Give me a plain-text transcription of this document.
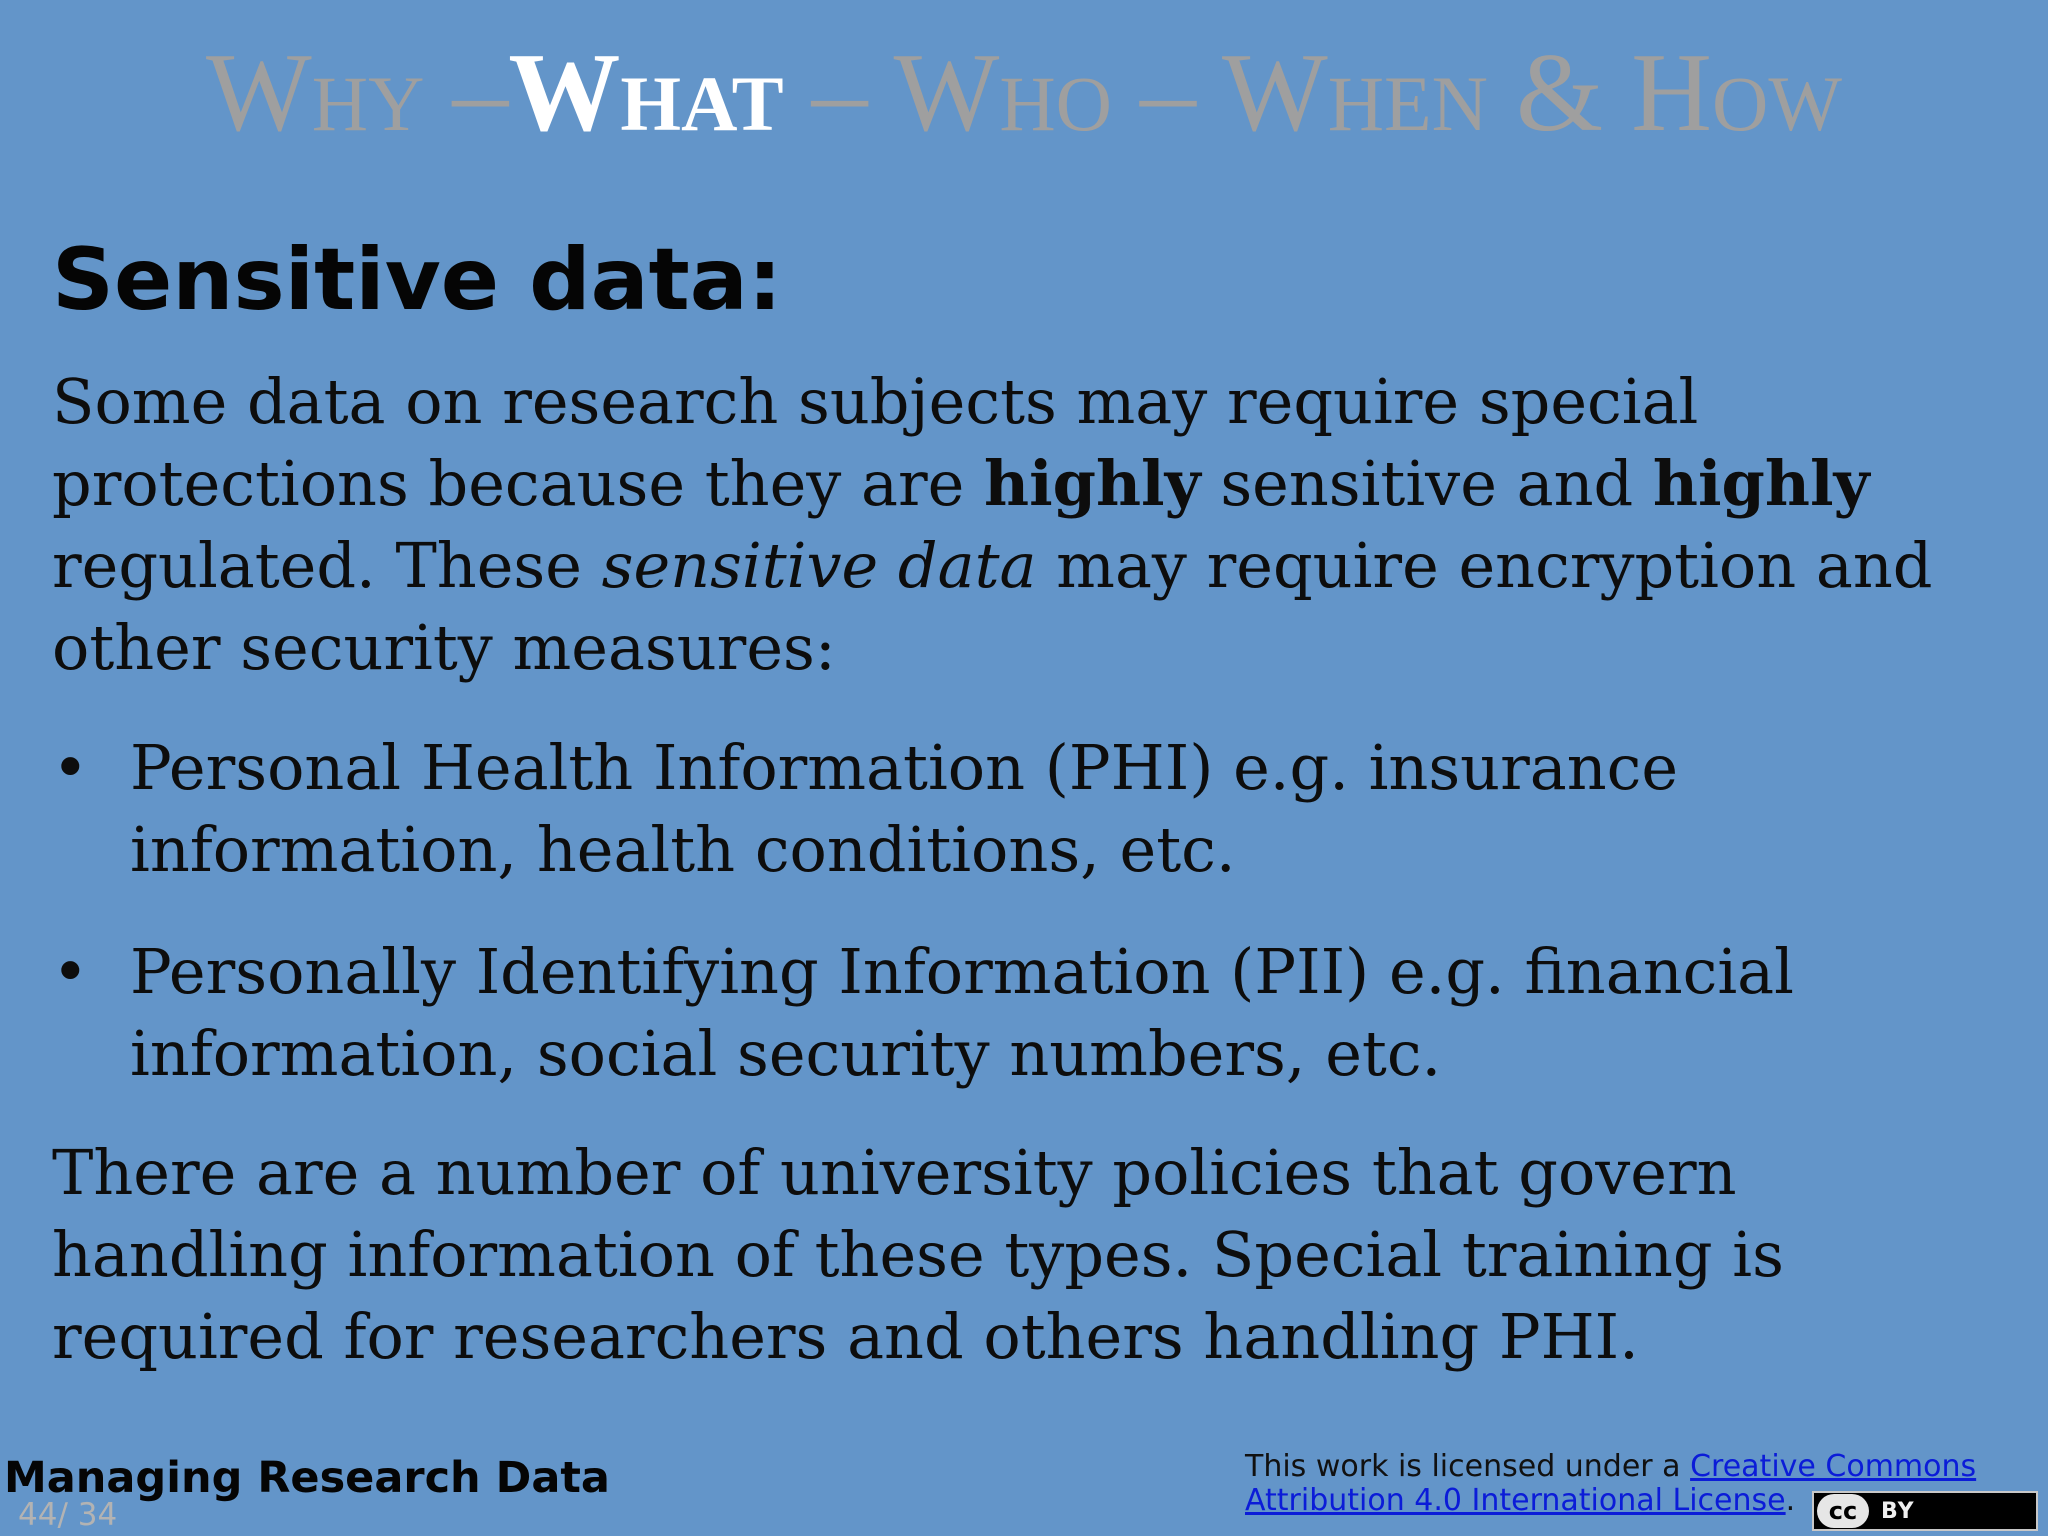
Why –What – Who – When & How
Sensitive data:

Some data on research subjects may require special protections because they are highly sensitive and highly regulated. These sensitive data may require encryption and other security measures:

• Personal Health Information (PHI) e.g. insurance information, health conditions, etc.
• Personally Identifying Information (PII) e.g. financial information, social security numbers, etc.

There are a number of university policies that govern handling information of these types. Special training is required for researchers and others handling PHI.

Managing Research Data
44/ 34
This work is licensed under a Creative Commons Attribution 4.0 International License.	cc	BY
